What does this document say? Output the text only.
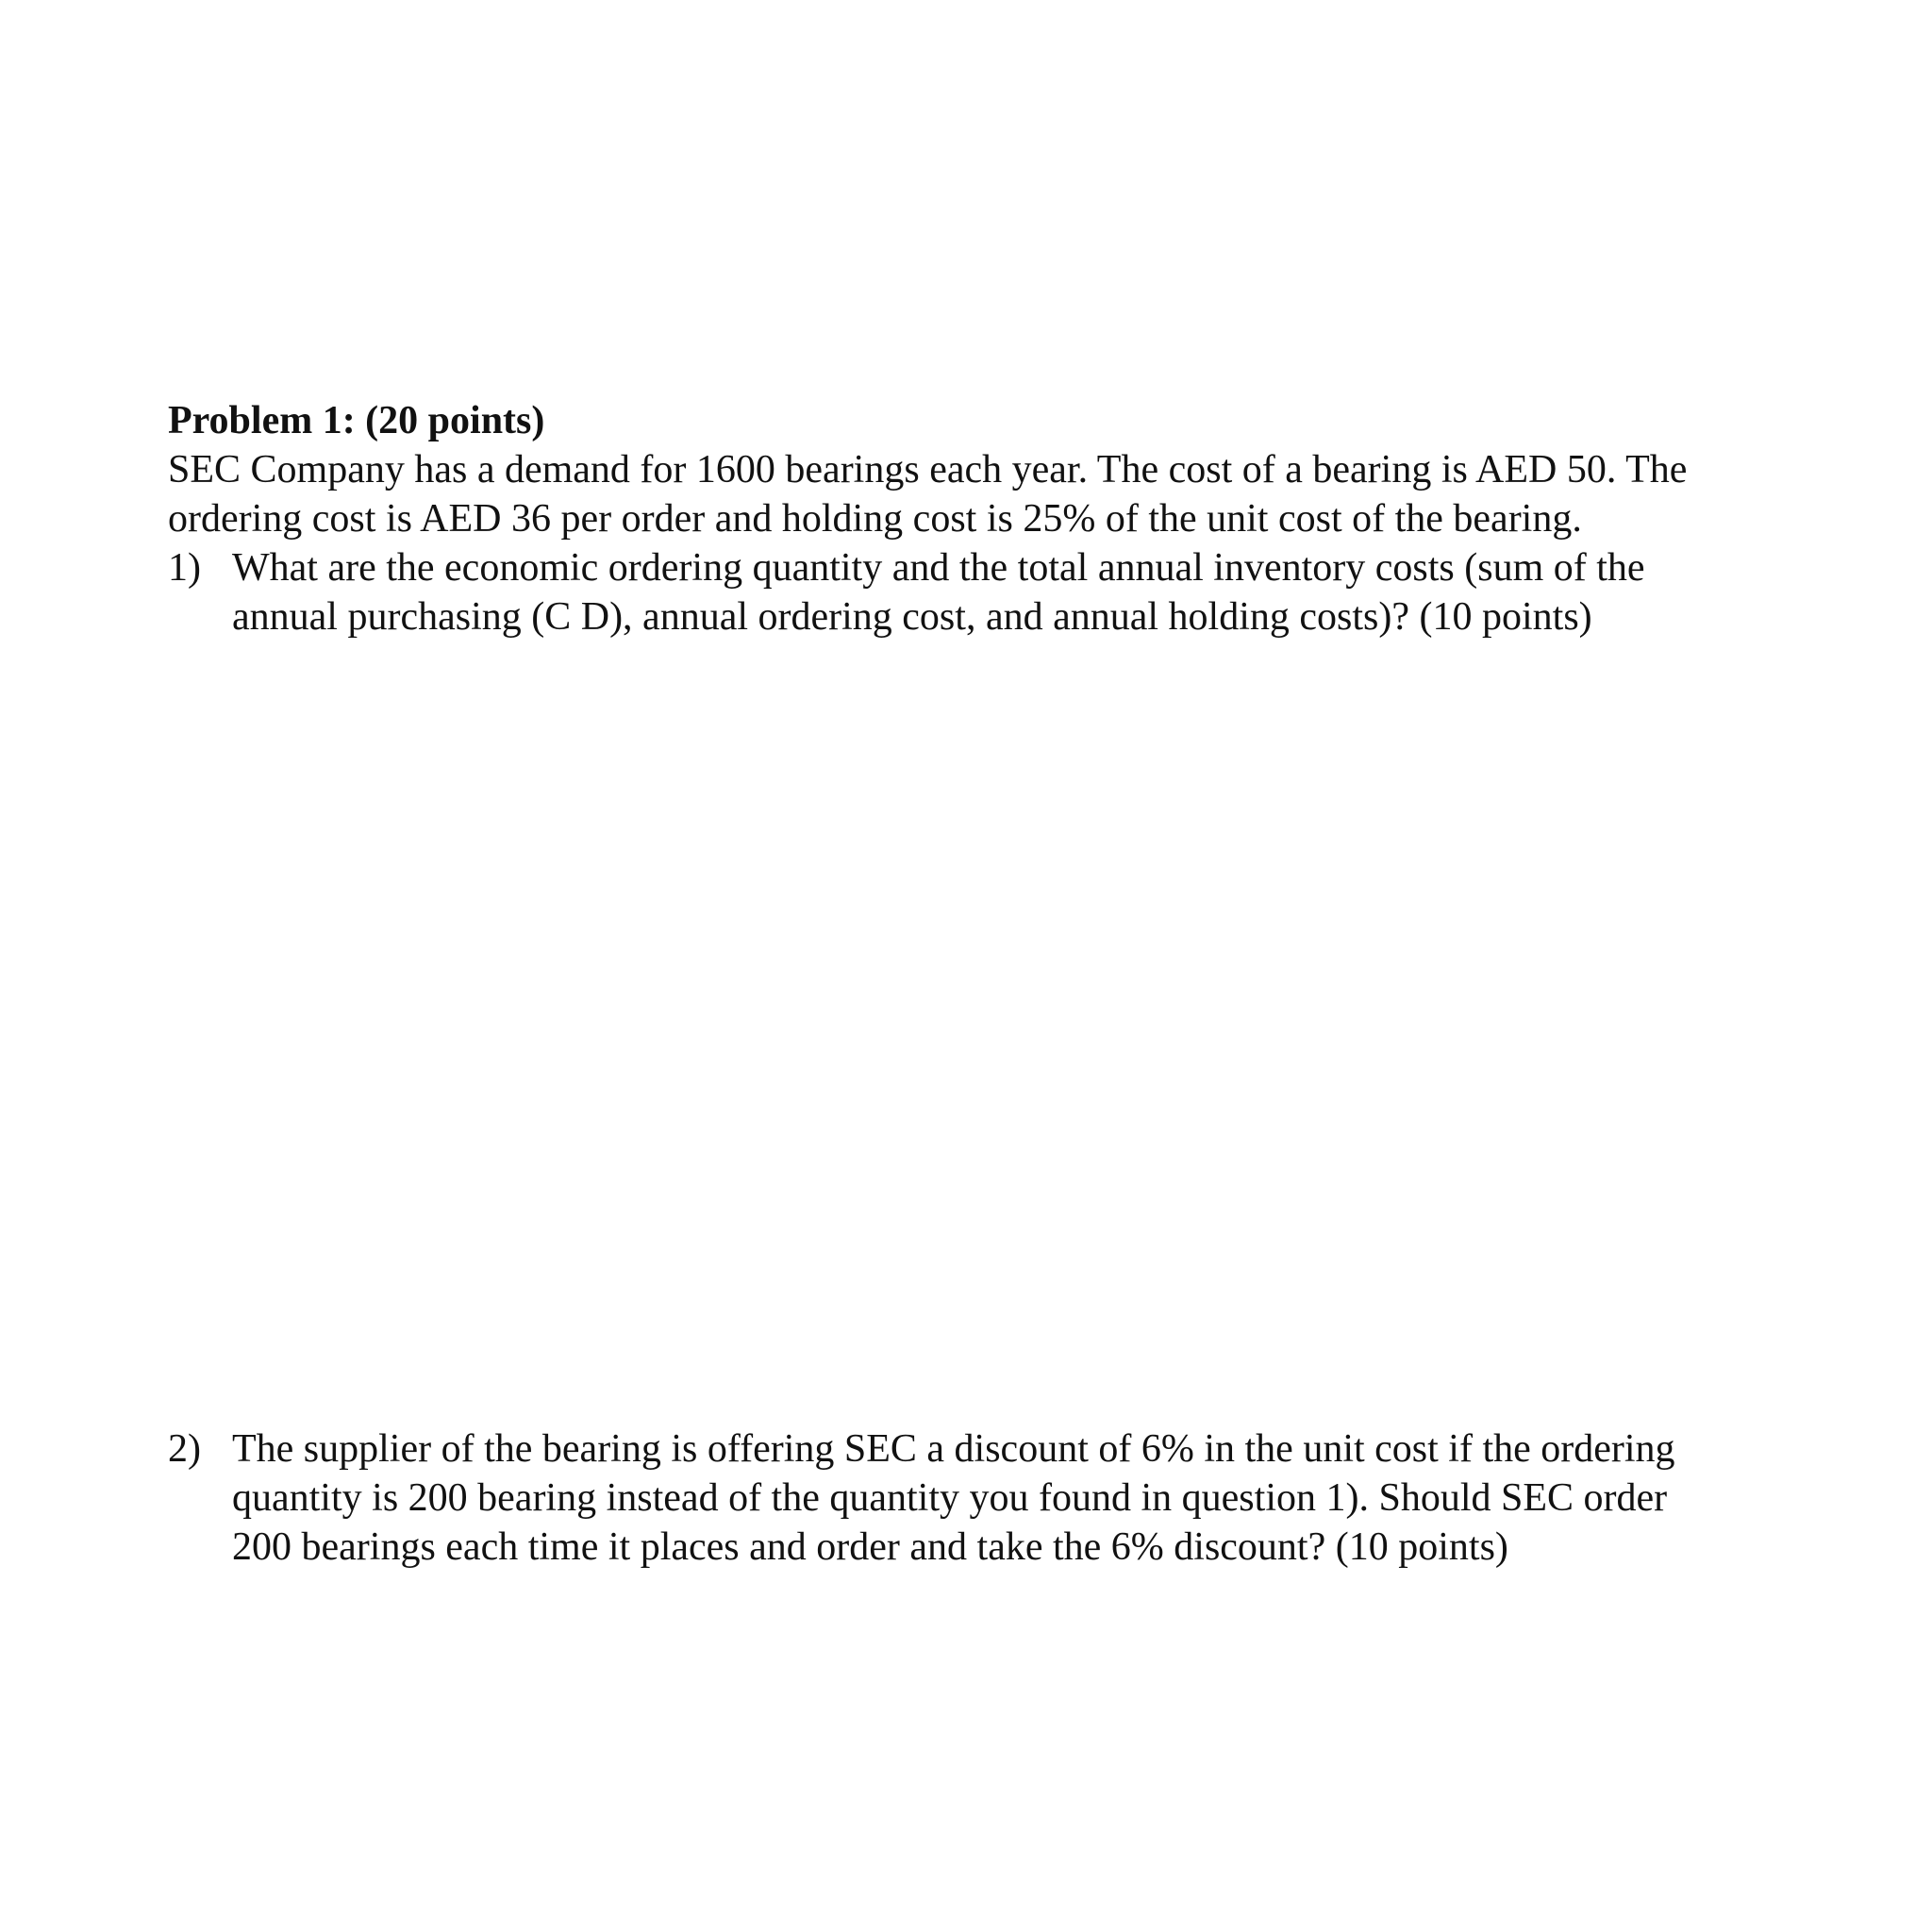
Problem 1: (20 points)

SEC Company has a demand for 1600 bearings each year. The cost of a bearing is AED 50. The

ordering cost is AED 36 per order and holding cost is 25% of the unit cost of the bearing.

1) What are the economic ordering quantity and the total annual inventory costs (sum of the
annual purchasing (C D), annual ordering cost, and annual holding costs)? (10 points)
2) The supplier of the bearing is offering SEC a discount of 6% in the unit cost if the ordering
quantity is 200 bearing instead of the quantity you found in question 1). Should SEC order
200 bearings each time it places and order and take the 6% discount? (10 points)
